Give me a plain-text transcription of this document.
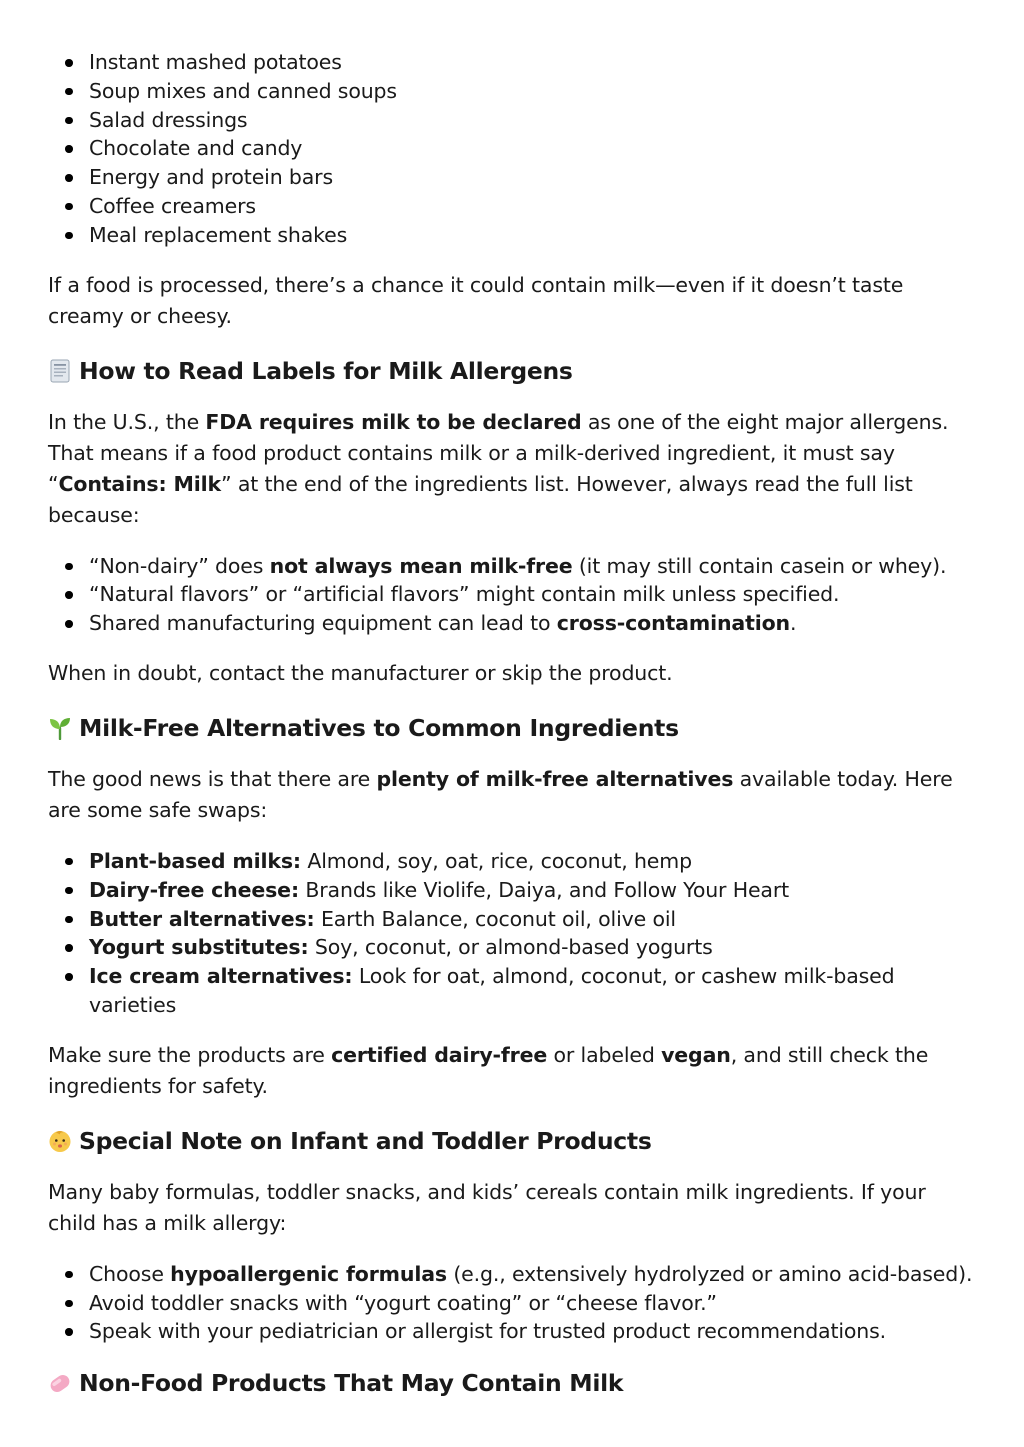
Instant mashed potatoes
Soup mixes and canned soups
Salad dressings
Chocolate and candy
Energy and protein bars
Coffee creamers
Meal replacement shakes

If a food is processed, there’s a chance it could contain milk—even if it doesn’t taste creamy or cheesy.

How to Read Labels for Milk Allergens

In the U.S., the FDA requires milk to be declared as one of the eight major allergens. That means if a food product contains milk or a milk-derived ingredient, it must say “Contains: Milk” at the end of the ingredients list. However, always read the full list because:

“Non-dairy” does not always mean milk-free (it may still contain casein or whey).
“Natural flavors” or “artificial flavors” might contain milk unless specified.
Shared manufacturing equipment can lead to cross-contamination.

When in doubt, contact the manufacturer or skip the product.

Milk-Free Alternatives to Common Ingredients

The good news is that there are plenty of milk-free alternatives available today. Here are some safe swaps:

Plant-based milks: Almond, soy, oat, rice, coconut, hemp
Dairy-free cheese: Brands like Violife, Daiya, and Follow Your Heart
Butter alternatives: Earth Balance, coconut oil, olive oil
Yogurt substitutes: Soy, coconut, or almond-based yogurts
Ice cream alternatives: Look for oat, almond, coconut, or cashew milk-based varieties

Make sure the products are certified dairy-free or labeled vegan, and still check the ingredients for safety.

Special Note on Infant and Toddler Products

Many baby formulas, toddler snacks, and kids’ cereals contain milk ingredients. If your child has a milk allergy:

Choose hypoallergenic formulas (e.g., extensively hydrolyzed or amino acid-based).
Avoid toddler snacks with “yogurt coating” or “cheese flavor.”
Speak with your pediatrician or allergist for trusted product recommendations.
Non-Food Products That May Contain Milk
